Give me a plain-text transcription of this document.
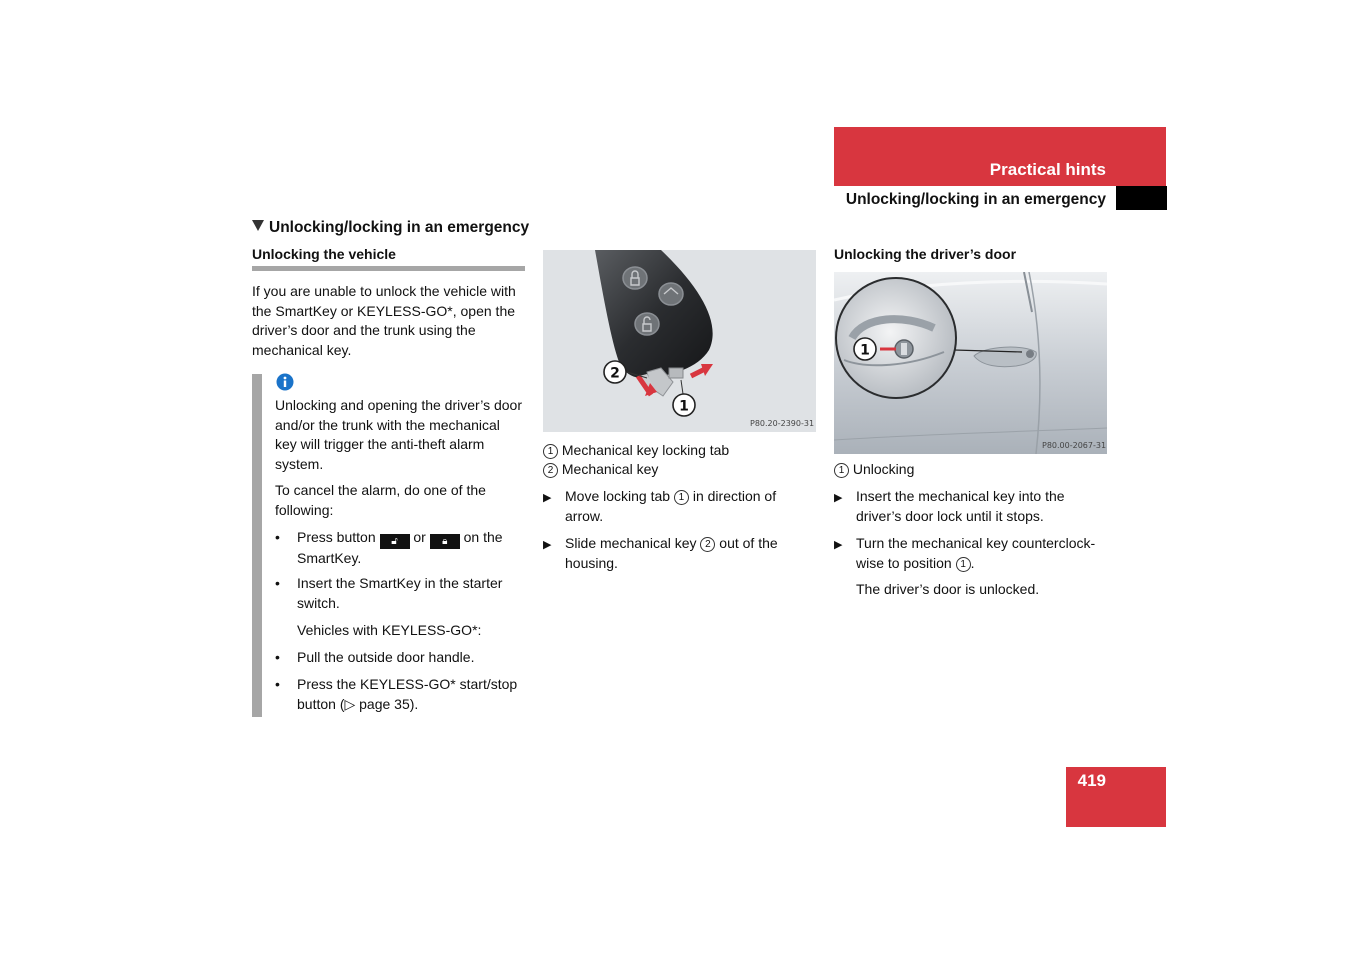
Practical hints
Unlocking/locking in an emergency
Unlocking/locking in an emergency
Unlocking the vehicle
If you are unable to unlock the vehicle with the SmartKey or KEYLESS-GO*, open the driver’s door and the trunk using the mechanical key.
Unlocking and opening the driver’s door and/or the trunk with the mechanical key will trigger the anti-theft alarm system.
To cancel the alarm, do one of the following:
• Press button 🔓︎ or 🔒︎ on the SmartKey.
• Insert the SmartKey in the starter switch.
Vehicles with KEYLESS-GO*:
• Pull the outside door handle.
• Press the KEYLESS-GO* start/stop button (▷ page 35).
2
1
P80.20-2390-31
1 Mechanical key locking tab
2 Mechanical key
▶ Move locking tab 1 in direction of arrow.
▶ Slide mechanical key 2 out of the housing.
Unlocking the driver’s door
1
P80.00-2067-31
1 Unlocking
▶ Insert the mechanical key into the driver’s door lock until it stops.
▶ Turn the mechanical key counterclock-wise to position 1 .
The driver’s door is unlocked.
419
